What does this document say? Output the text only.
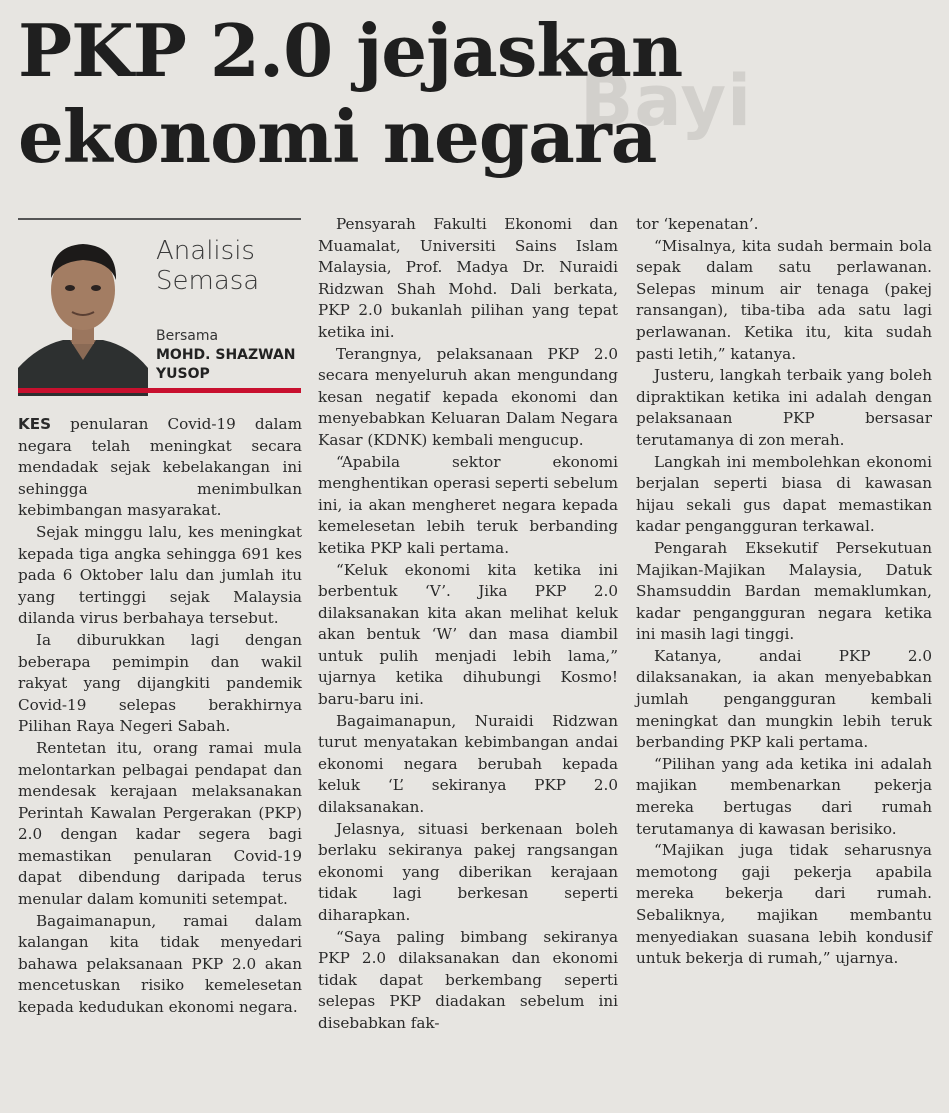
Bayi
PKP 2.0 jejaskan ekonomi negara
Analisis Semasa
Bersama
MOHD. SHAZWAN
YUSOP

KES penularan Covid-19 dalam negara telah meningkat secara mendadak sejak kebelakangan ini sehingga menimbulkan kebimbangan masyarakat.

Sejak minggu lalu, kes meningkat kepada tiga angka sehingga 691 kes pada 6 Oktober lalu dan jumlah itu yang tertinggi sejak Malaysia dilanda virus berbahaya tersebut.

Ia diburukkan lagi dengan beberapa pemimpin dan wakil rakyat yang dijangkiti pandemik Covid-19 selepas berakhirnya Pilihan Raya Negeri Sabah.

Rentetan itu, orang ramai mula melontarkan pelbagai pendapat dan mendesak kerajaan melaksanakan Perintah Kawalan Pergerakan (PKP) 2.0 dengan kadar segera bagi memastikan penularan Covid-19 dapat dibendung daripada terus menular dalam komuniti setempat.

Bagaimanapun, ramai dalam kalangan kita tidak menyedari bahawa pelaksanaan PKP 2.0 akan mencetuskan risiko kemelesetan kepada kedudukan ekonomi negara.

Pensyarah Fakulti Ekonomi dan Muamalat, Universiti Sains Islam Malaysia, Prof. Madya Dr. Nuraidi Ridzwan Shah Mohd. Dali berkata, PKP 2.0 bukanlah pilihan yang tepat ketika ini.

Terangnya, pelaksanaan PKP 2.0 secara menyeluruh akan mengundang kesan negatif kepada ekonomi dan menyebabkan Keluaran Dalam Negara Kasar (KDNK) kembali mengucup.

“Apabila sektor ekonomi menghentikan operasi seperti sebelum ini, ia akan mengheret negara kepada kemelesetan lebih teruk berbanding ketika PKP kali pertama.

“Keluk ekonomi kita ketika ini berbentuk ‘V’. Jika PKP 2.0 dilaksanakan kita akan melihat keluk akan bentuk ‘W’ dan masa diambil untuk pulih menjadi lebih lama,” ujarnya ketika dihubungi Kosmo! baru-baru ini.

Bagaimanapun, Nuraidi Ridzwan turut menyatakan kebimbangan andai ekonomi negara berubah kepada keluk ‘L’ sekiranya PKP 2.0 dilaksanakan.

Jelasnya, situasi berkenaan boleh berlaku sekiranya pakej rangsangan ekonomi yang diberikan kerajaan tidak lagi berkesan seperti diharapkan.

“Saya paling bimbang sekiranya PKP 2.0 dilaksanakan dan ekonomi tidak dapat berkembang seperti selepas PKP diadakan sebelum ini disebabkan fak-

tor ‘kepenatan’.

“Misalnya, kita sudah bermain bola sepak dalam satu perlawanan. Selepas minum air tenaga (pakej ransangan), tiba-tiba ada satu lagi perlawanan. Ketika itu, kita sudah pasti letih,” katanya.

Justeru, langkah terbaik yang boleh dipraktikan ketika ini adalah dengan pelaksanaan PKP bersasar terutamanya di zon merah.

Langkah ini membolehkan ekonomi berjalan seperti biasa di kawasan hijau sekali gus dapat memastikan kadar pengangguran terkawal.

Pengarah Eksekutif Persekutuan Majikan-Majikan Malaysia, Datuk Shamsuddin Bardan memaklumkan, kadar pengangguran negara ketika ini masih lagi tinggi.

Katanya, andai PKP 2.0 dilaksanakan, ia akan menyebabkan jumlah pengangguran kembali meningkat dan mungkin lebih teruk berbanding PKP kali pertama.

“Pilihan yang ada ketika ini adalah majikan membenarkan pekerja mereka bertugas dari rumah terutamanya di kawasan berisiko.

“Majikan juga tidak seharusnya memotong gaji pekerja apabila mereka bekerja dari rumah. Sebaliknya, majikan membantu menyediakan suasana lebih kondusif untuk bekerja di rumah,” ujarnya.
